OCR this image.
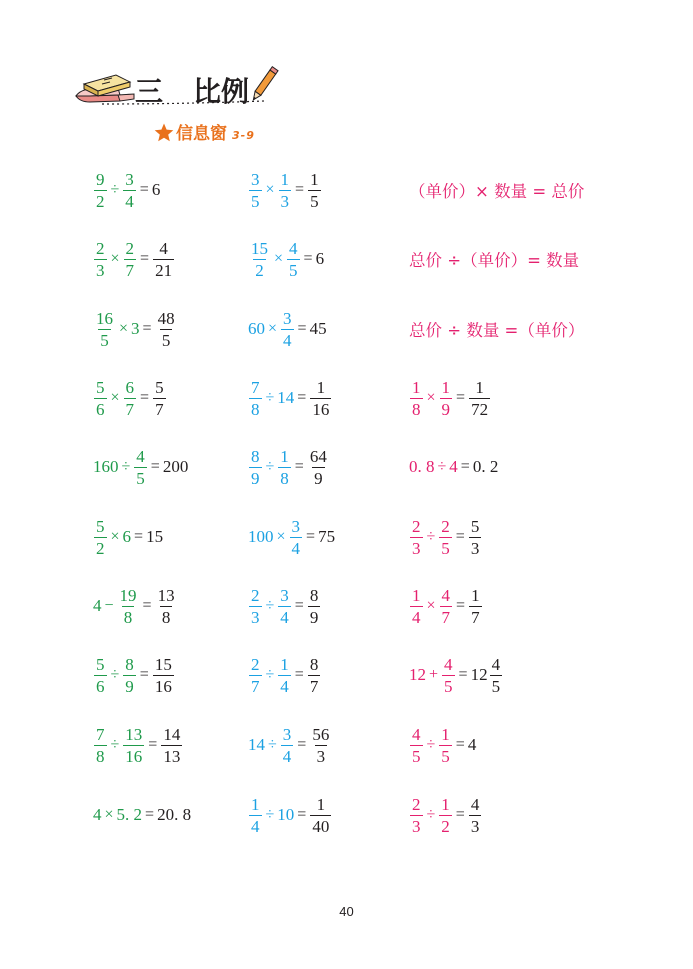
三 比例
信息窗 3-9
$\frac{9}{2} \div \frac{3}{4} = 6$	$\frac{3}{5} \times \frac{1}{3} = \frac{1}{5}$	（单价）× 数量 = 总价
$\frac{2}{3} \times \frac{2}{7} = \frac{4}{21}$	$\frac{15}{2} \times \frac{4}{5} = 6$	总价 ÷（单价）= 数量
$\frac{16}{5} \times 3 = \frac{48}{5}$	$60 \times \frac{3}{4} = 45$	总价 ÷ 数量 =（单价）
$\frac{5}{6} \times \frac{6}{7} = \frac{5}{7}$	$\frac{7}{8} \div 14 = \frac{1}{16}$	$\frac{1}{8} \times \frac{1}{9} = \frac{1}{72}$
$160 \div \frac{4}{5} = 200$	$\frac{8}{9} \div \frac{1}{8} = \frac{64}{9}$	0. 8 ÷ 4 = 0. 2
$\frac{5}{2} \times 6 = 15$	$100 \times \frac{3}{4} = 75$	$\frac{2}{3} \div \frac{2}{5} = \frac{5}{3}$
$4 - \frac{19}{8} = \frac{13}{8}$	$\frac{2}{3} \div \frac{3}{4} = \frac{8}{9}$	$\frac{1}{4} \times \frac{4}{7} = \frac{1}{7}$
$\frac{5}{6} \div \frac{8}{9} = \frac{15}{16}$	$\frac{2}{7} \div \frac{1}{4} = \frac{8}{7}$	$12 + \frac{4}{5} = 12 \frac{4}{5}$
$\frac{7}{8} \div \frac{13}{16} = \frac{14}{13}$	$14 \div \frac{3}{4} = \frac{56}{3}$	$\frac{4}{5} \div \frac{1}{5} = 4$
4 × 5. 2 = 20. 8	$\frac{1}{4} \div 10 = \frac{1}{40}$	$\frac{2}{3} \div \frac{1}{2} = \frac{4}{3}$
40
